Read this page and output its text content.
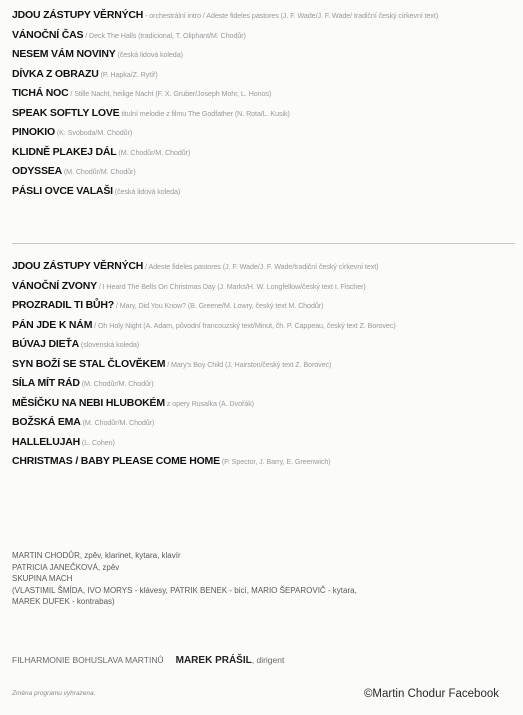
JDOU ZÁSTUPY VĚRNÝCH - orchestrální intro / Adeste fideles pastores (J. F. Wade/J. F. Wade/ tradiční český církevní text)
VÁNOČNÍ ČAS / Deck The Halls (tradicional, T. Oliphant/M. Chodůr)
NESEM VÁM NOVINY (česká lidová koleda)
DÍVKA Z OBRAZU (P. Hapka/Z. Rytíř)
TICHÁ NOC / Stille Nacht, heilige Nacht (F. X. Gruber/Joseph Mohr, L. Honos)
SPEAK SOFTLY LOVE titulní melodie z filmu The Godfather (N. Rota/L. Kusik)
PINOKIO (K. Svoboda/M. Chodůr)
KLIDNĚ PLAKEJ DÁL (M. Chodůr/M. Chodůr)
ODYSSEA (M. Chodůr/M. Chodůr)
PÁSLI OVCE VALAŠI (česká lidová koleda)
JDOU ZÁSTUPY VĚRNÝCH / Adeste fideles pastores (J. F. Wade/J. F. Wade/tradiční český církevní text)
VÁNOČNÍ ZVONY / I Heard The Bells On Christmas Day (J. Marks/H. W. Longfellow/český text I. Fischer)
PROZRADIL TI BŮH? / Mary, Did You Know? (B. Greene/M. Lowry, český text M. Chodůr)
PÁN JDE K NÁM / Oh Holy Night (A. Adam, původní francouzský text/Minut, čh. P. Cappeau, český text Z. Borovec)
BÚVAJ DIEŤA (slovenská koleda)
SYN BOŽÍ SE STAL ČLOVĚKEM / Mary's Boy Child (J. Hairston/český text Z. Borovec)
SÍLA MÍT RÁD (M. Chodůr/M. Chodůr)
MĚSÍČKU NA NEBI HLUBOKÉM z opery Rusalka (A. Dvořák)
BOŽSKÁ EMA (M. Chodůr/M. Chodůr)
HALLELUJAH (L. Cohen)
CHRISTMAS / BABY PLEASE COME HOME (P. Spector, J. Barry, E. Greenwich)
MARTIN CHODŮR, zpěv, klarinet, kytara, klavír
PATRICIA JANEČKOVÁ, zpěv
SKUPINA MACH
(VLASTIMIL ŠMÍDA, IVO MORYS - klávesy, PATRIK BENEK - bicí, MARIO ŠEPAROVIČ - kytara,
MAREK DUFEK - kontrabas)
FILHARMONIE BOHUSLAVA MARTINŮ MAREK PRÁŠIL, dirigent
Změna programu vyhrazena.	©Martin Chodur Facebook
